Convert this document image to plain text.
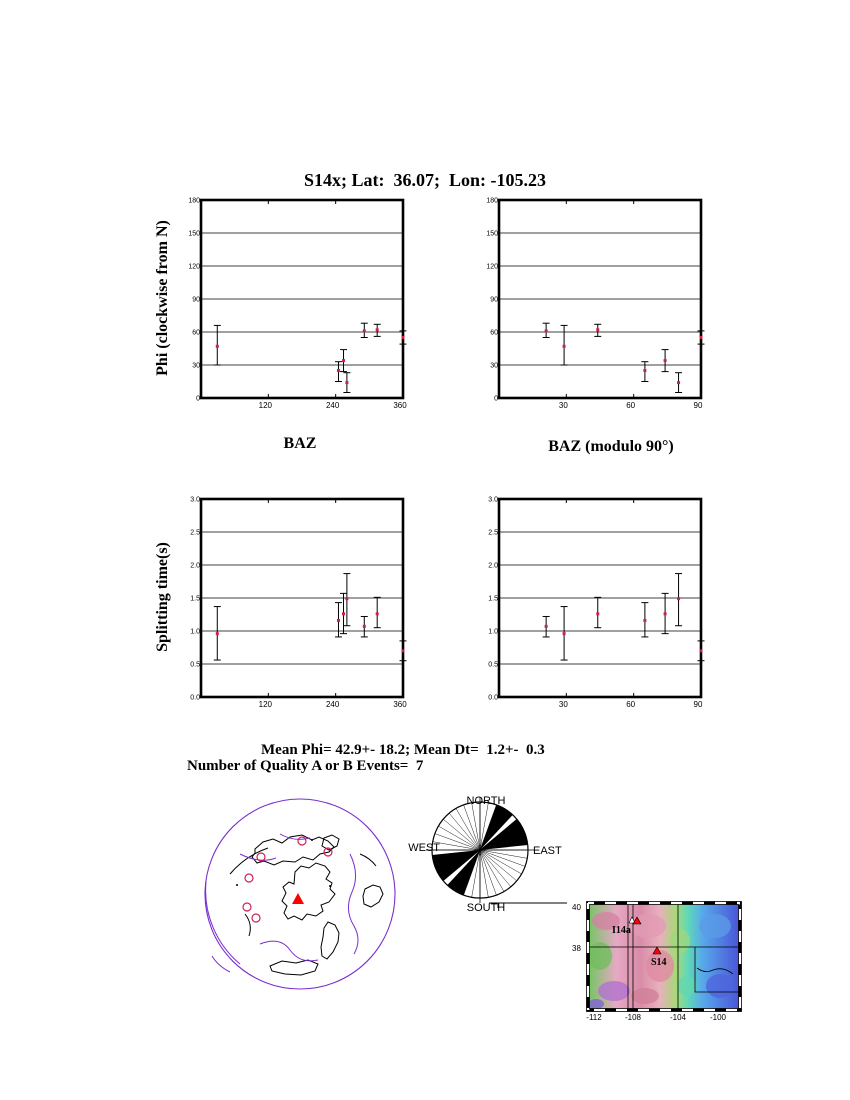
S14x; Lat:  36.07;  Lon: -105.23
Phi (clockwise from N)
Splitting time(s)
0
30
60
90
120
150
180
120	240	360
0
30
60
90
120
150
180
30	60	90
0.0
0.5
1.0
1.5
2.0
2.5
3.0
120	240	360
0.0
0.5
1.0
1.5
2.0
2.5
3.0
30	60	90
BAZ	BAZ (modulo 90°)
Mean Phi= 42.9+- 18.2; Mean Dt=  1.2+-  0.3
Number of Quality A or B Events=  7
NORTH
EAST
SOUTH
WEST
I14a
S14
40
38
-112	-108	-104	-100
